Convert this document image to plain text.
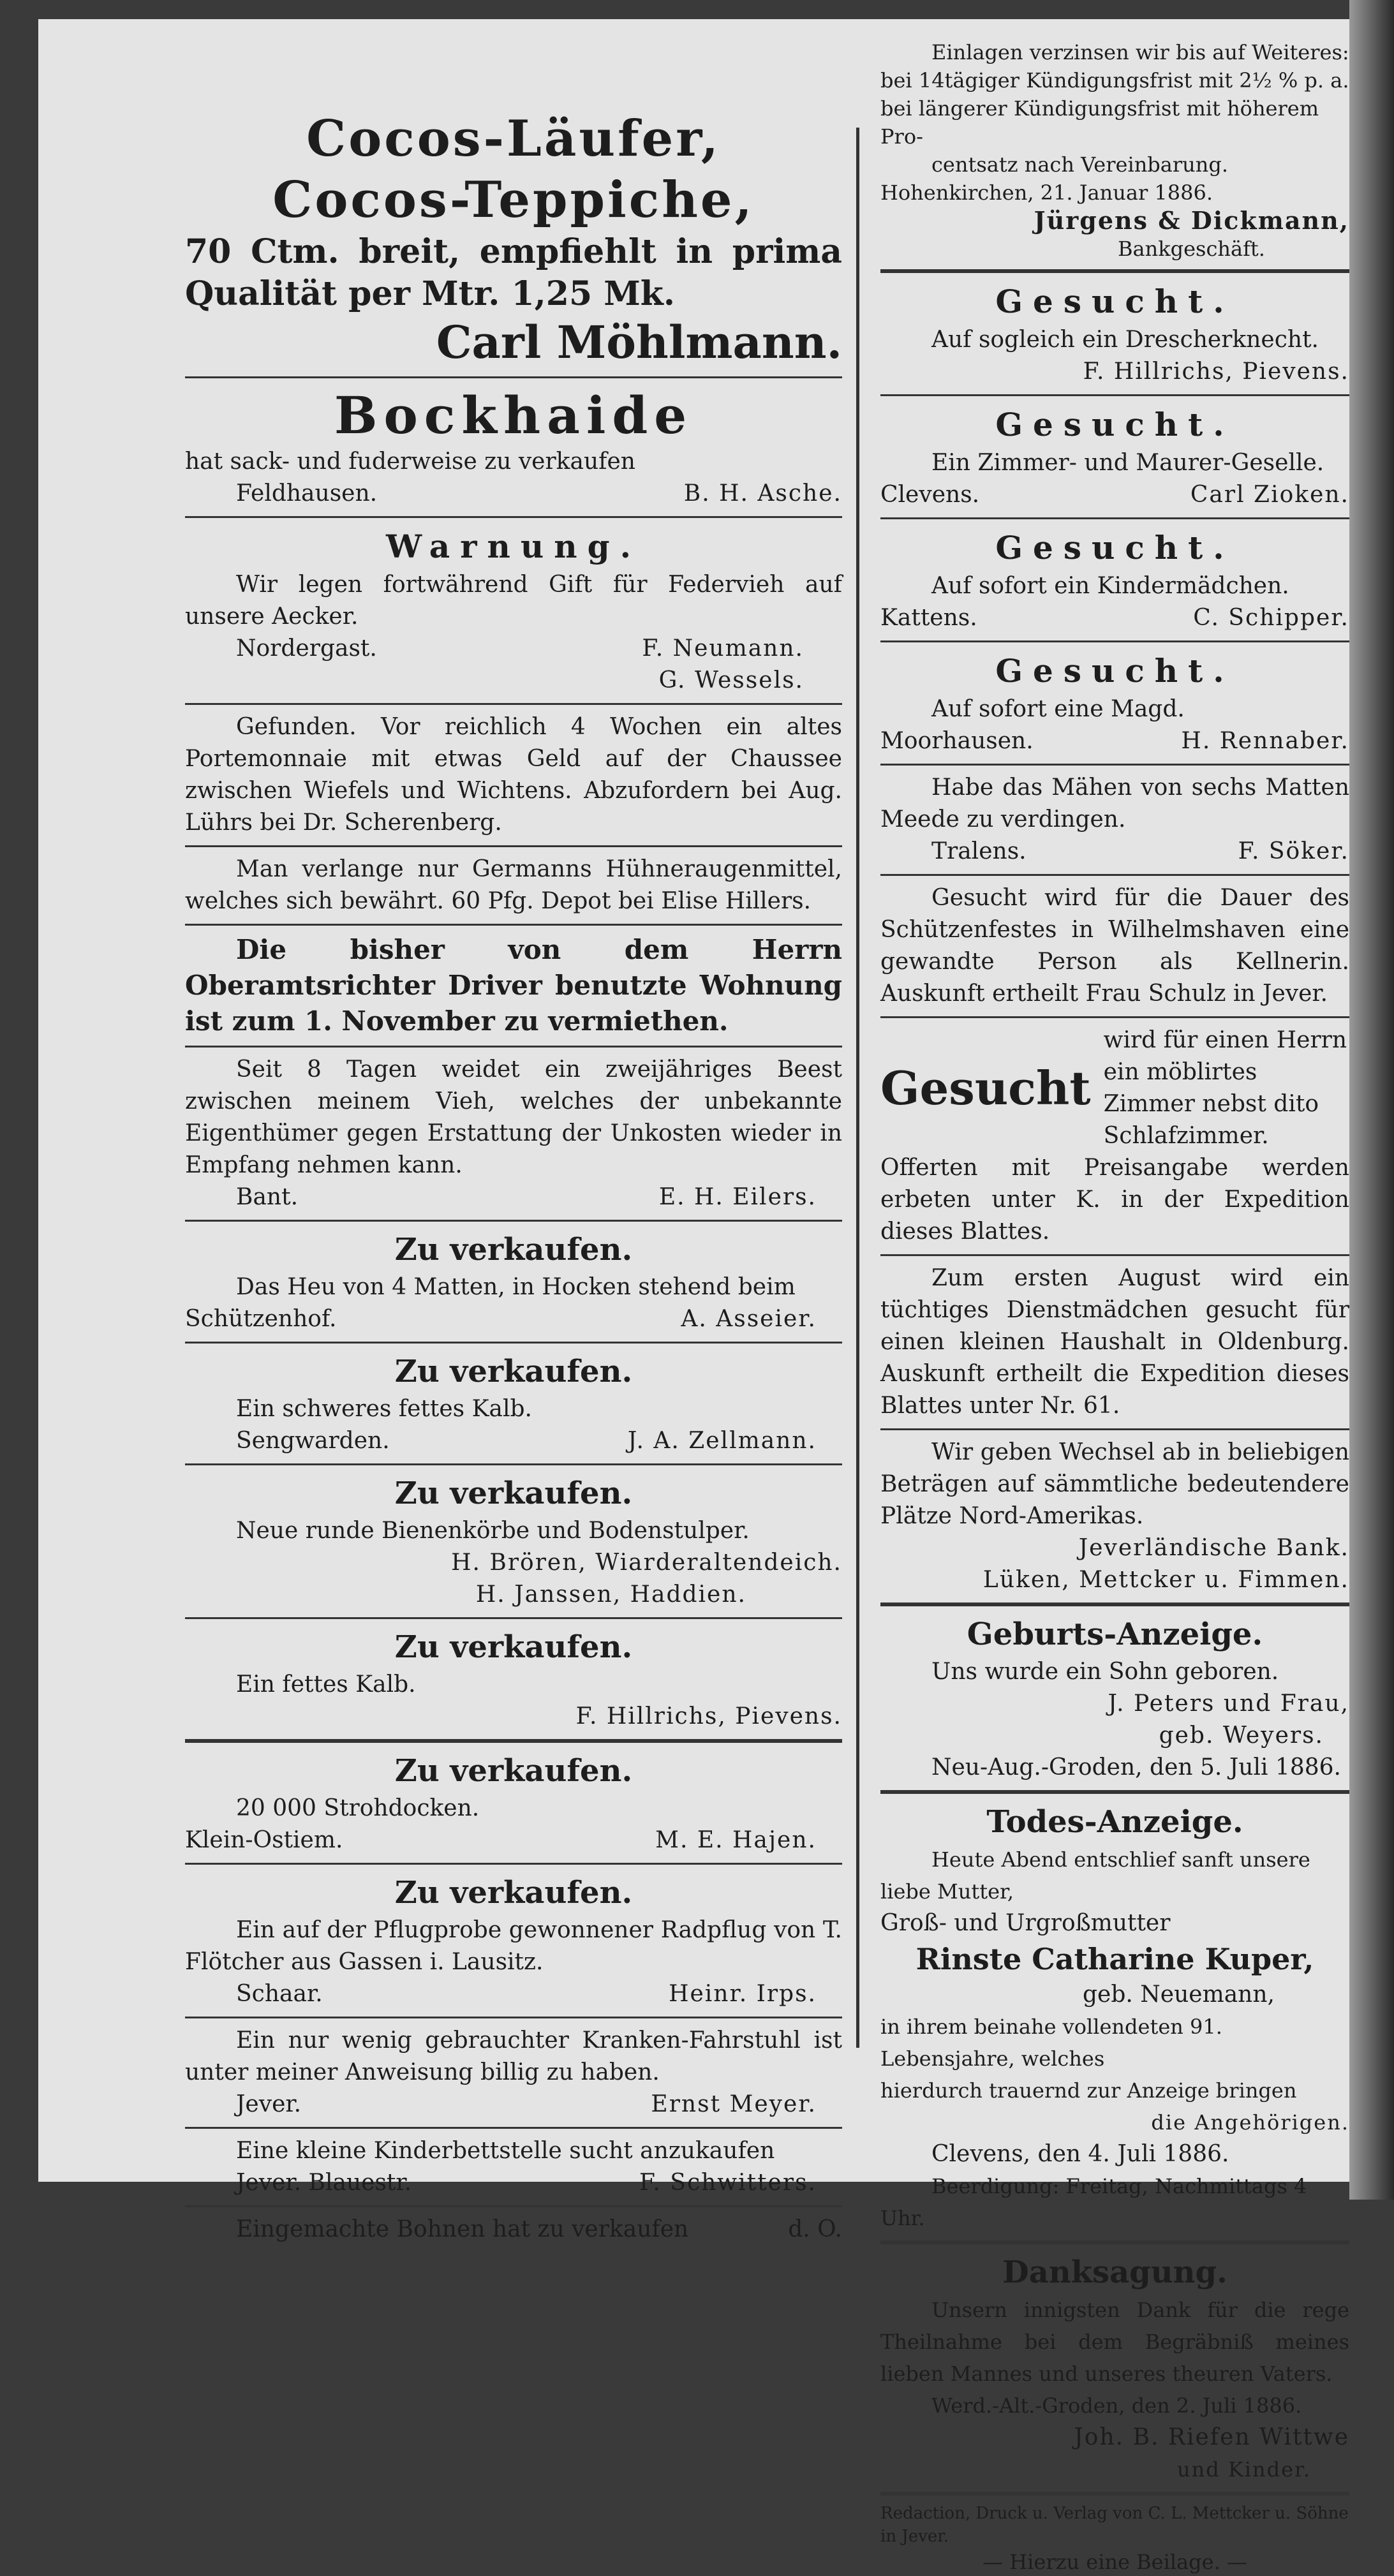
Cocos-Läufer,

Cocos-Teppiche,

70 Ctm. breit, empfiehlt in prima

Qualität per Mtr. 1,25 Mk.

Carl Möhlmann.

Bockhaide

hat sack- und fuderweise zu verkaufen

Feldhausen.	B. H. Asche.

Warnung.

Wir legen fortwährend Gift für Federvieh auf unsere Aecker.

Nordergast.	F. Neumann.

G. Wessels.

Gefunden. Vor reichlich 4 Wochen ein altes Portemonnaie mit etwas Geld auf der Chaussee zwischen Wiefels und Wichtens. Abzufordern bei Aug. Lührs bei Dr. Scherenberg.

Man verlange nur Germanns Hühneraugenmittel, welches sich bewährt. 60 Pfg. Depot bei Elise Hillers.

Die bisher von dem Herrn Oberamtsrichter Driver benutzte Wohnung ist zum 1. November zu vermiethen.

Seit 8 Tagen weidet ein zweijähriges Beest zwischen meinem Vieh, welches der unbekannte Eigenthümer gegen Erstattung der Unkosten wieder in Empfang nehmen kann.

Bant.	E. H. Eilers.

Zu verkaufen.

Das Heu von 4 Matten, in Hocken stehend beim

Schützenhof.	A. Asseier.

Zu verkaufen.

Ein schweres fettes Kalb.

Sengwarden.	J. A. Zellmann.

Zu verkaufen.

Neue runde Bienenkörbe und Bodenstulper.

H. Brören, Wiarderaltendeich.

H. Janssen, Haddien.

Zu verkaufen.

Ein fettes Kalb.

F. Hillrichs, Pievens.

Zu verkaufen.

20 000 Strohdocken.

Klein-Ostiem.	M. E. Hajen.

Zu verkaufen.

Ein auf der Pflugprobe gewonnener Radpflug von T. Flötcher aus Gassen i. Lausitz.

Schaar.	Heinr. Irps.

Ein nur wenig gebrauchter Kranken-Fahrstuhl ist unter meiner Anweisung billig zu haben.

Jever.	Ernst Meyer.

Eine kleine Kinderbettstelle sucht anzukaufen

Jever. Blauestr.	F. Schwitters.
Eingemachte Bohnen hat zu verkaufen	d. O.

Einlagen verzinsen wir bis auf Weiteres:

bei 14tägiger Kündigungsfrist mit 2½ % p. a.

bei längerer Kündigungsfrist mit höherem Pro-

centsatz nach Vereinbarung.

Hohenkirchen, 21. Januar 1886.

Jürgens & Dickmann,

Bankgeschäft.

Gesucht.

Auf sogleich ein Drescherknecht.

F. Hillrichs, Pievens.

Gesucht.

Ein Zimmer- und Maurer-Geselle.

Clevens.	Carl Zioken.

Gesucht.

Auf sofort ein Kindermädchen.

Kattens.	C. Schipper.

Gesucht.

Auf sofort eine Magd.

Moorhausen.	H. Rennaber.

Habe das Mähen von sechs Matten Meede zu verdingen.

Tralens.	F. Söker.

Gesucht wird für die Dauer des Schützenfestes in Wilhelmshaven eine gewandte Person als Kellnerin. Auskunft ertheilt Frau Schulz in Jever.

Gesucht

wird für einen Herrn ein möblirtes

Zimmer nebst dito Schlafzimmer.

Offerten mit Preisangabe werden erbeten unter K. in der Expedition dieses Blattes.

Zum ersten August wird ein tüchtiges Dienstmädchen gesucht für einen kleinen Haushalt in Oldenburg. Auskunft ertheilt die Expedition dieses Blattes unter Nr. 61.

Wir geben Wechsel ab in beliebigen Beträgen auf sämmtliche bedeutendere Plätze Nord-Amerikas.

Jeverländische Bank.

Lüken, Mettcker u. Fimmen.

Geburts-Anzeige.

Uns wurde ein Sohn geboren.

J. Peters und Frau,

geb. Weyers.

Neu-Aug.-Groden, den 5. Juli 1886.

Todes-Anzeige.

Heute Abend entschlief sanft unsere liebe Mutter,

Groß- und Urgroßmutter

Rinste Catharine Kuper,

geb. Neuemann,

in ihrem beinahe vollendeten 91. Lebensjahre, welches

hierdurch trauernd zur Anzeige bringen

die Angehörigen.

Clevens, den 4. Juli 1886.

Beerdigung: Freitag, Nachmittags 4 Uhr.

Danksagung.

Unsern innigsten Dank für die rege Theilnahme bei dem Begräbniß meines lieben Mannes und unseres theuren Vaters.

Werd.-Alt.-Groden, den 2. Juli 1886.

Joh. B. Riefen Wittwe

und Kinder.

Redaction, Druck u. Verlag von C. L. Mettcker u. Söhne in Jever.

— Hierzu eine Beilage. —
